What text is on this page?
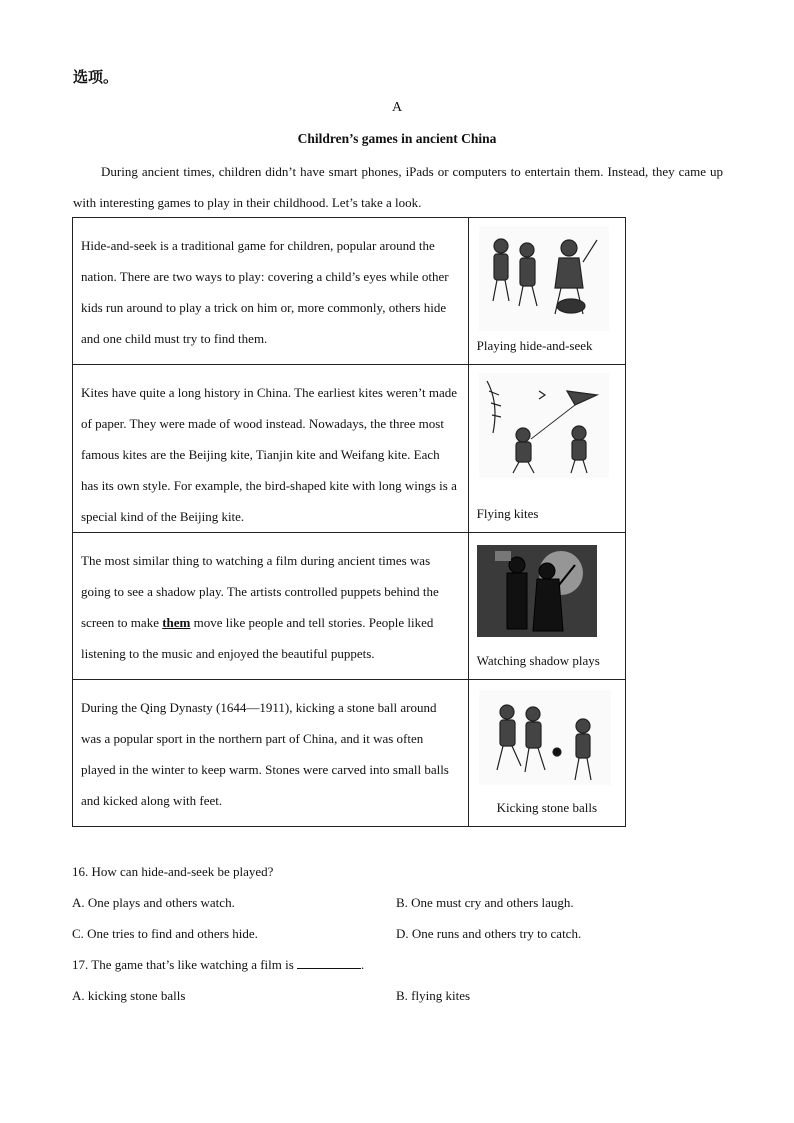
选项。
A
Children’s games in ancient China
During ancient times, children didn’t have smart phones, iPads or computers to entertain them. Instead, they came up with interesting games to play in their childhood. Let’s take a look.
Hide-and-seek is a traditional game for children, popular around the nation. There are two ways to play: covering a child’s eyes while other kids run around to play a trick on him or, more commonly, others hide and one child must try to find them.	Playing hide-and-seek

Kites have quite a long history in China. The earliest kites weren’t made of paper. They were made of wood instead. Nowadays, the three most famous kites are the Beijing kite, Tianjin kite and Weifang kite. Each has its own style. For example, the bird-shaped kite with long wings is a special kind of the Beijing kite.	Flying kites

The most similar thing to watching a film during ancient times was going to see a shadow play. The artists controlled puppets behind the screen to make them move like people and tell stories. People liked listening to the music and enjoyed the beautiful puppets.	Watching shadow plays

During the Qing Dynasty (1644—1911), kicking a stone ball around was a popular sport in the northern part of China, and it was often played in the winter to keep warm. Stones were carved into small balls and kicked along with feet.	Kicking stone balls
16. How can hide-and-seek be played?
A. One plays and others watch.	B. One must cry and others laugh.
C. One tries to find and others hide.	D. One runs and others try to catch.
17. The game that’s like watching a film is	.
A. kicking stone balls	B. flying kites
